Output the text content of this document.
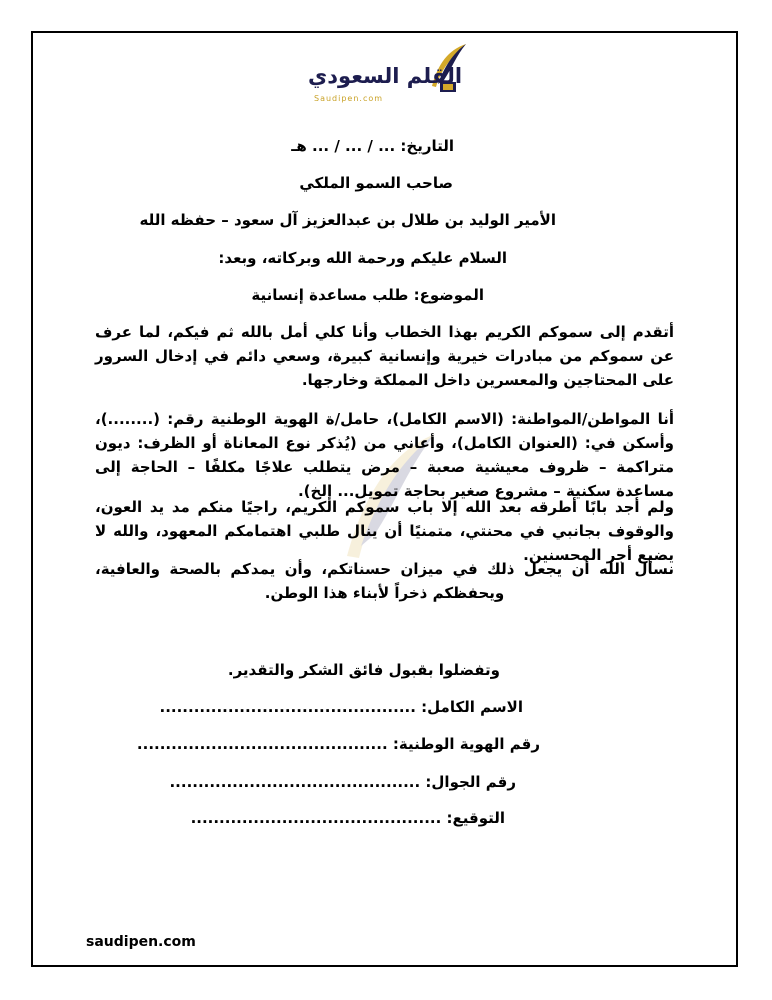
القلم السعودي
Saudipen.com
التاريخ: ... / ... / ... هـ
صاحب السمو الملكي
الأمير الوليد بن طلال بن عبدالعزيز آل سعود – حفظه الله
السلام عليكم ورحمة الله وبركاته، وبعد:
الموضوع: طلب مساعدة إنسانية
أتقدم إلى سموكم الكريم بهذا الخطاب وأنا كلي أمل بالله ثم فيكم، لما عرف عن سموكم من مبادرات خيرية وإنسانية كبيرة، وسعي دائم في إدخال السرور على المحتاجين والمعسرين داخل المملكة وخارجها.
أنا المواطن/المواطنة: (الاسم الكامل)، حامل/ة الهوية الوطنية رقم: (........)، وأسكن في: (العنوان الكامل)، وأعاني من (يُذكر نوع المعاناة أو الظرف: ديون متراكمة – ظروف معيشية صعبة – مرض يتطلب علاجًا مكلفًا – الحاجة إلى مساعدة سكنية – مشروع صغير بحاجة تمويل... إلخ).
ولم أجد بابًا أطرقه بعد الله إلا باب سموكم الكريم، راجيًا منكم مد يد العون، والوقوف بجانبي في محنتي، متمنيًا أن ينال طلبي اهتمامكم المعهود، والله لا يضيع أجر المحسنين.
نسأل الله أن يجعل ذلك في ميزان حسناتكم، وأن يمدكم بالصحة والعافية، ويحفظكم ذخراً لأبناء هذا الوطن.
وتفضلوا بقبول فائق الشكر والتقدير.
الاسم الكامل: .............................................
رقم الهوية الوطنية: ............................................
رقم الجوال: ............................................
التوقيع: ............................................
saudipen.com
